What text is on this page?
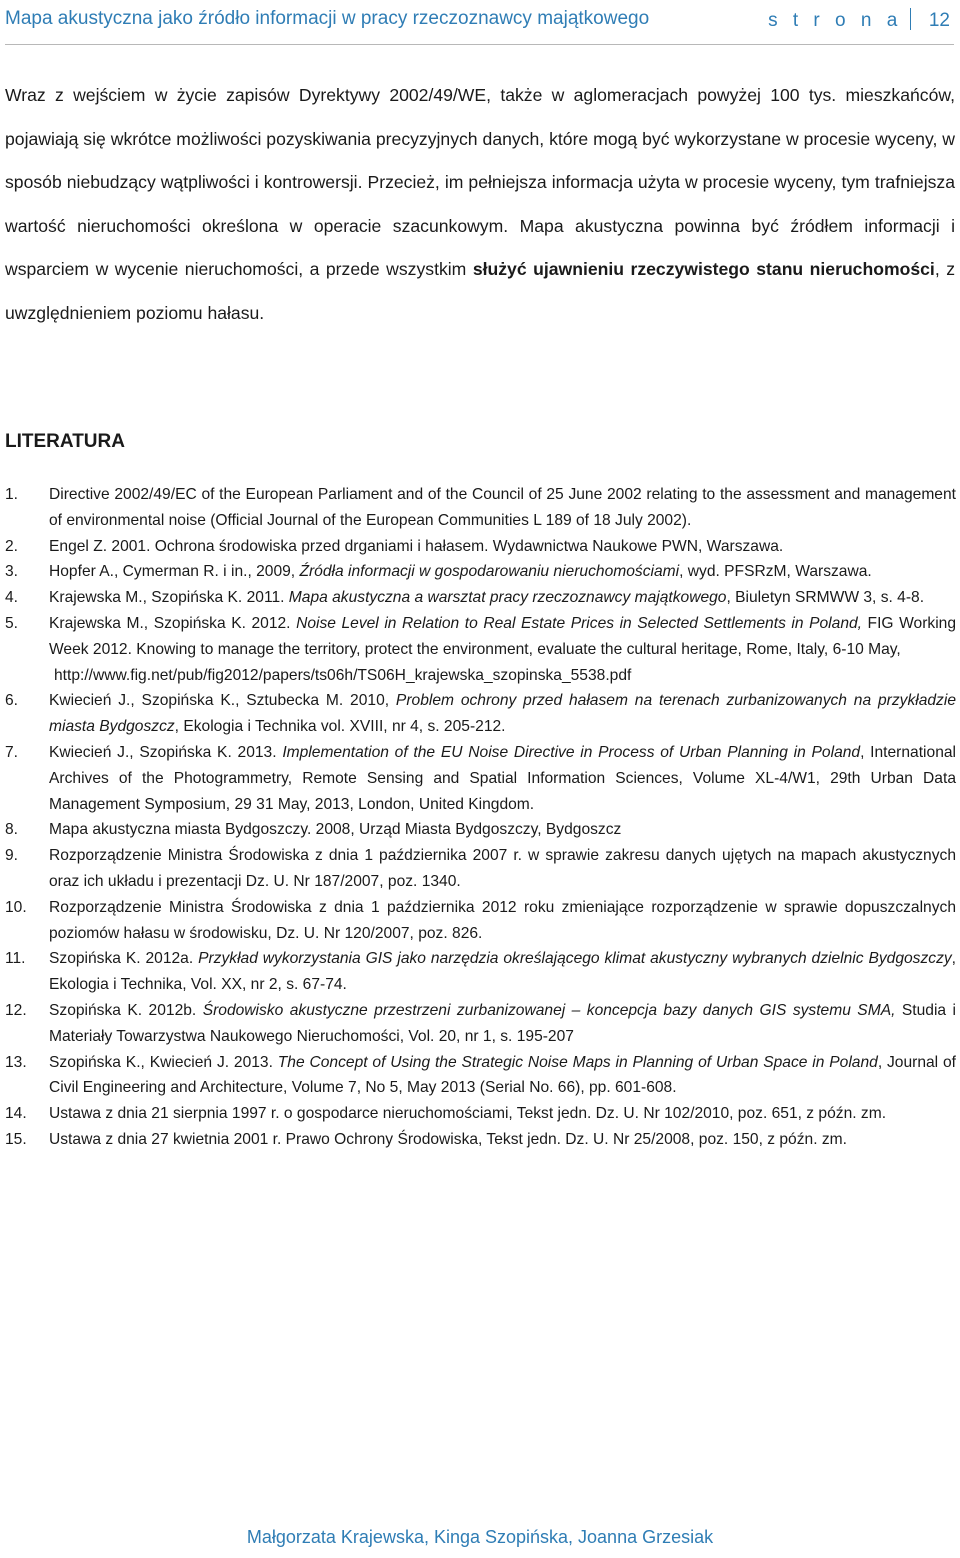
Mapa akustyczna jako źródło informacji w pracy rzeczoznawcy majątkowego	s t r o n a 12

Wraz z wejściem w życie zapisów Dyrektywy 2002/49/WE, także w aglomeracjach powyżej 100 tys. mieszkańców, pojawiają się wkrótce możliwości pozyskiwania precyzyjnych danych, które mogą być wykorzystane w procesie wyceny, w sposób niebudzący wątpliwości i kontrowersji. Przecież, im pełniejsza informacja użyta w procesie wyceny, tym trafniejsza wartość nieruchomości określona w operacie szacunkowym. Mapa akustyczna powinna być źródłem informacji i wsparciem w wycenie nieruchomości, a przede wszystkim służyć ujawnieniu rzeczywistego stanu nieruchomości, z uwzględnieniem poziomu hałasu.

LITERATURA
1.	Directive 2002/49/EC of the European Parliament and of the Council of 25 June 2002 relating to the assessment and management of environmental noise (Official Journal of the European Communities L 189 of 18 July 2002).
2.	Engel Z. 2001. Ochrona środowiska przed drganiami i hałasem. Wydawnictwa Naukowe PWN, Warszawa.
3.	Hopfer A., Cymerman R. i in., 2009, Źródła informacji w gospodarowaniu nieruchomościami, wyd. PFSRzM, Warszawa.
4.	Krajewska M., Szopińska K. 2011. Mapa akustyczna a warsztat pracy rzeczoznawcy majątkowego, Biuletyn SRMWW 3, s. 4-8.
5.	Krajewska M., Szopińska K. 2012. Noise Level in Relation to Real Estate Prices in Selected Settlements in Poland, FIG Working Week 2012. Knowing to manage the territory, protect the environment, evaluate the cultural heritage, Rome, Italy, 6-10 May,
http://www.fig.net/pub/fig2012/papers/ts06h/TS06H_krajewska_szopinska_5538.pdf
6.	Kwiecień J., Szopińska K., Sztubecka M. 2010, Problem ochrony przed hałasem na terenach zurbanizowanych na przykładzie miasta Bydgoszcz, Ekologia i Technika vol. XVIII, nr 4, s. 205-212.
7.	Kwiecień J., Szopińska K. 2013. Implementation of the EU Noise Directive in Process of Urban Planning in Poland, International Archives of the Photogrammetry, Remote Sensing and Spatial Information Sciences, Volume XL-4/W1, 29th Urban Data Management Symposium, 29 31 May, 2013, London, United Kingdom.
8.	Mapa akustyczna miasta Bydgoszczy. 2008, Urząd Miasta Bydgoszczy, Bydgoszcz
9.	Rozporządzenie Ministra Środowiska z dnia 1 października 2007 r. w sprawie zakresu danych ujętych na mapach akustycznych oraz ich układu i prezentacji Dz. U. Nr 187/2007, poz. 1340.
10.	Rozporządzenie Ministra Środowiska z dnia 1 października 2012 roku zmieniające rozporządzenie w sprawie dopuszczalnych poziomów hałasu w środowisku, Dz. U. Nr 120/2007, poz. 826.
11.	Szopińska K. 2012a. Przykład wykorzystania GIS jako narzędzia określającego klimat akustyczny wybranych dzielnic Bydgoszczy, Ekologia i Technika, Vol. XX, nr 2, s. 67-74.
12.	Szopińska K. 2012b. Środowisko akustyczne przestrzeni zurbanizowanej – koncepcja bazy danych GIS systemu SMA, Studia i Materiały Towarzystwa Naukowego Nieruchomości, Vol. 20, nr 1, s. 195-207
13.	Szopińska K., Kwiecień J. 2013. The Concept of Using the Strategic Noise Maps in Planning of Urban Space in Poland, Journal of Civil Engineering and Architecture, Volume 7, No 5, May 2013 (Serial No. 66), pp. 601-608.
14.	Ustawa z dnia 21 sierpnia 1997 r. o gospodarce nieruchomościami, Tekst jedn. Dz. U. Nr 102/2010, poz. 651, z późn. zm.
15.	Ustawa z dnia 27 kwietnia 2001 r. Prawo Ochrony Środowiska, Tekst jedn. Dz. U. Nr 25/2008, poz. 150, z późn. zm.
Małgorzata Krajewska, Kinga Szopińska, Joanna Grzesiak
